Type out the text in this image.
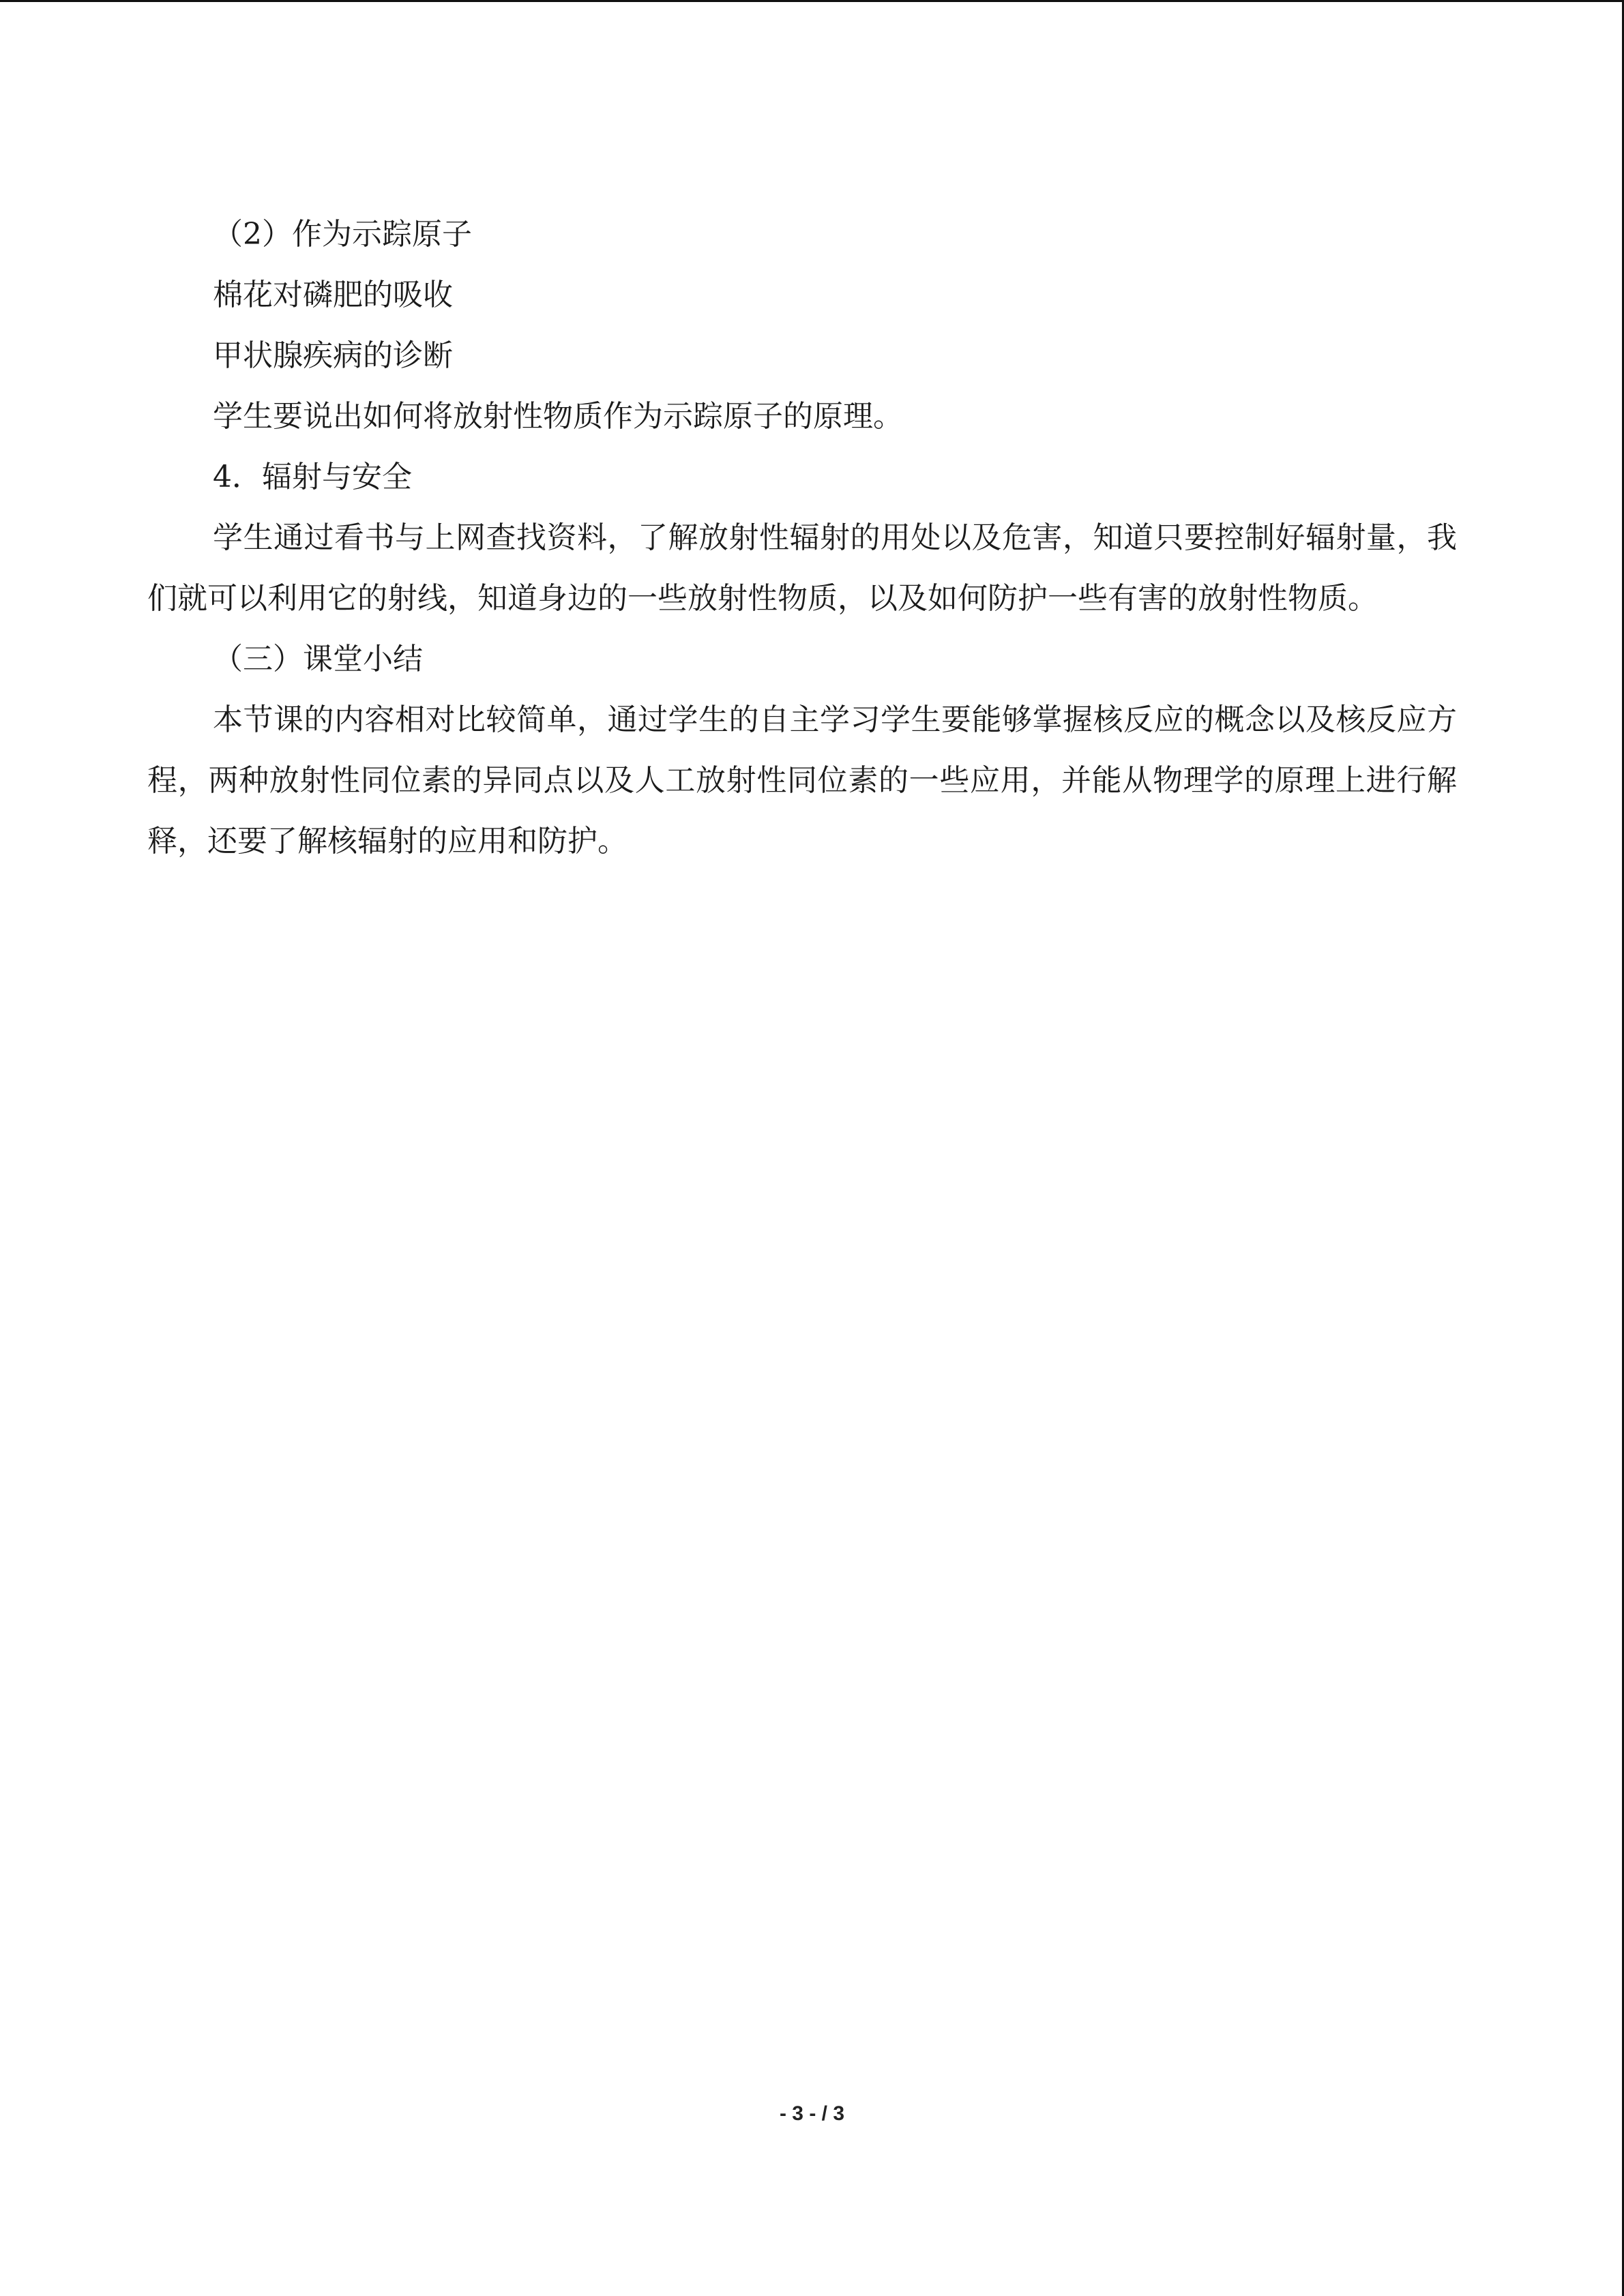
（2）作为示踪原子
棉花对磷肥的吸收
甲状腺疾病的诊断
学生要说出如何将放射性物质作为示踪原子的原理。
4．辐射与安全

学生通过看书与上网查找资料，了解放射性辐射的用处以及危害，知道只要控制好辐射量，我们就可以利用它的射线，知道身边的一些放射性物质，以及如何防护一些有害的放射性物质。

（三）课堂小结

本节课的内容相对比较简单，通过学生的自主学习学生要能够掌握核反应的概念以及核反应方程，两种放射性同位素的异同点以及人工放射性同位素的一些应用，并能从物理学的原理上进行解释，还要了解核辐射的应用和防护。

- 3 - / 3
